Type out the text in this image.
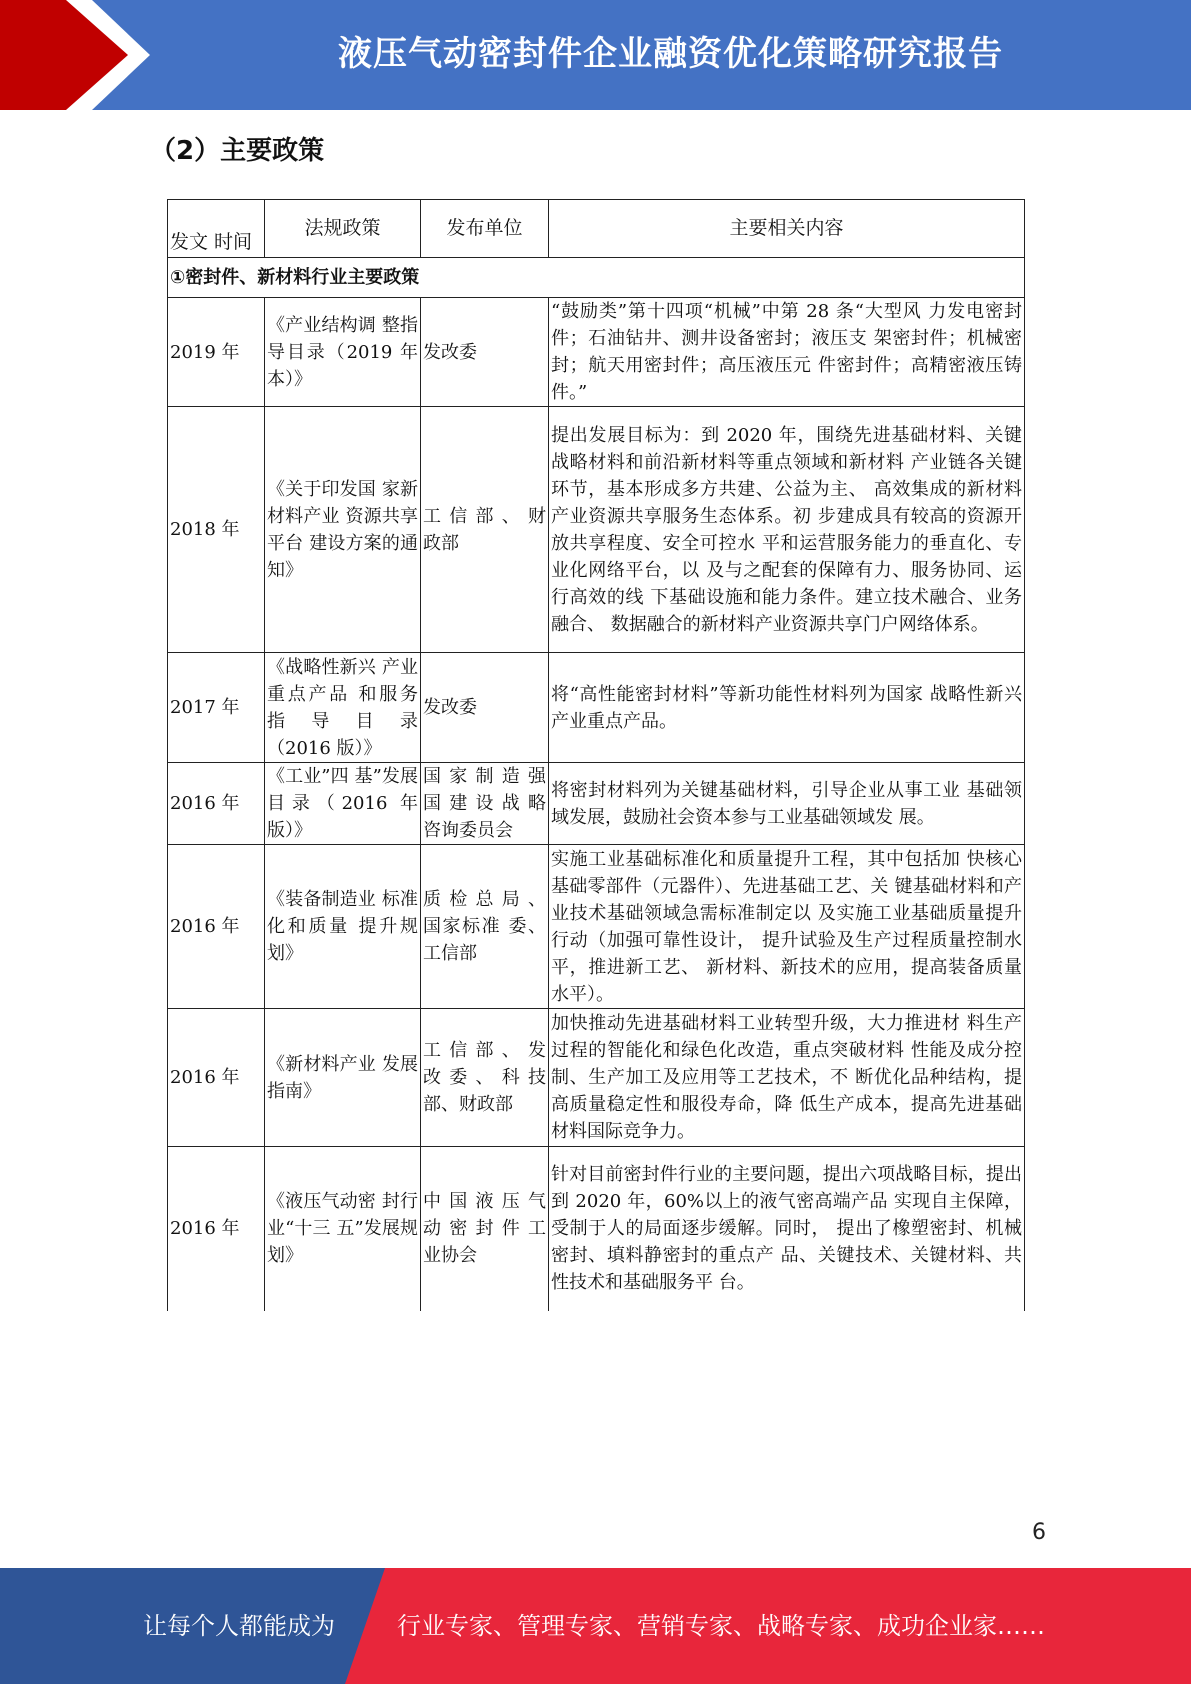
液压气动密封件企业融资优化策略研究报告
（2）主要政策
发文 时间	法规政策	发布单位	主要相关内容
①密封件、新材料行业主要政策			
2019 年	《产业结构调 整指导目录（2019 年本）》	发改委	“鼓励类”第十四项“机械”中第 28 条“大型风 力发电密封件；石油钻井、测井设备密封；液压支 架密封件；机械密封；航天用密封件；高压液压元 件密封件；高精密液压铸件。”
2018 年	《关于印发国 家新材料产业 资源共享平台 建设方案的通 知》	工 信 部 、 财政部	提出发展目标为：到 2020 年，围绕先进基础材料、关键战略材料和前沿新材料等重点领域和新材料 产业链各关键环节，基本形成多方共建、公益为主、 高效集成的新材料产业资源共享服务生态体系。初 步建成具有较高的资源开放共享程度、安全可控水 平和运营服务能力的垂直化、专业化网络平台，以 及与之配套的保障有力、服务协同、运行高效的线 下基础设施和能力条件。建立技术融合、业务融合、 数据融合的新材料产业资源共享门户网络体系。
2017 年	《战略性新兴 产业重点产品 和服务 指 导 目 录（2016 版）》	发改委	将“高性能密封材料”等新功能性材料列为国家 战略性新兴产业重点产品。
2016 年	《工业”四 基”发展目录（2016 年版）》	国 家 制 造 强 国 建 设 战 略 咨询委员会	将密封材料列为关键基础材料，引导企业从事工业 基础领域发展，鼓励社会资本参与工业基础领域发 展。
2016 年	《装备制造业 标准化和质量 提升规划》	质 检 总 局 、 国家标准 委、工信部	实施工业基础标准化和质量提升工程，其中包括加 快核心基础零部件（元器件）、先进基础工艺、关 键基础材料和产业技术基础领域急需标准制定以 及实施工业基础质量提升行动（加强可靠性设计， 提升试验及生产过程质量控制水平，推进新工艺、 新材料、新技术的应用，提高装备质量水平）。
2016 年	《新材料产业 发展指南》	工 信 部 、 发 改 委 、 科 技 部、财政部	加快推动先进基础材料工业转型升级，大力推进材 料生产过程的智能化和绿色化改造，重点突破材料 性能及成分控制、生产加工及应用等工艺技术，不 断优化品种结构，提高质量稳定性和服役寿命，降 低生产成本，提高先进基础材料国际竞争力。
2016 年	《液压气动密 封行业“十三 五”发展规 划》	中 国 液 压 气 动 密 封 件 工 业协会	针对目前密封件行业的主要问题，提出六项战略目标，提出到 2020 年，60%以上的液气密高端产品 实现自主保障，受制于人的局面逐步缓解。同时， 提出了橡塑密封、机械密封、填料静密封的重点产 品、关键技术、关键材料、共性技术和基础服务平 台。
6
让每个人都能成为	行业专家、管理专家、营销专家、战略专家、成功企业家……
